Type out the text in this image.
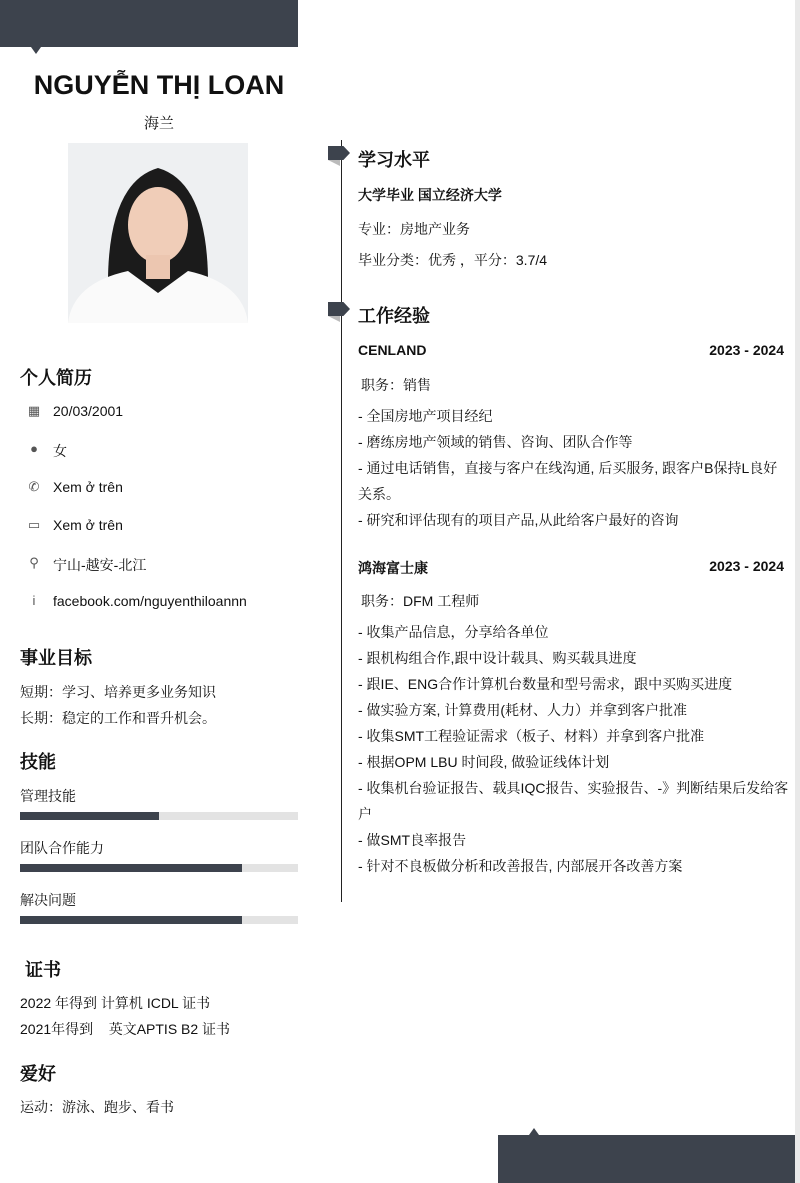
NGUYỄN THỊ LOAN
海兰
个人简历
▦ 20/03/2001
● 女
✆ Xem ở trên
▭ Xem ở trên
⚲ 宁山-越安-北江
i	facebook.com/nguyenthiloannn
事业目标
短期：学习、培养更多业务知识
长期：稳定的工作和晋升机会。
技能
管理技能
团队合作能力
解决问题
证书
2022 年得到 计算机 ICDL 证书
2021年得到    英文APTIS B2 证书
爱好
运动：游泳、跑步、看书
学习水平
大学毕业 国立经济大学
专业：房地产业务
毕业分类：优秀 ，平分：3.7/4
工作经验
CENLAND	2023 - 2024
职务：销售
- 全国房地产项目经纪
- 磨练房地产领域的销售、咨询、团队合作等
- 通过电话销售，直接与客户在线沟通, 后买服务, 跟客户B保持L良好
关系。
- 研究和评估现有的项目产品,从此给客户最好的咨询
鸿海富士康	2023 - 2024
职务：DFM 工程师
- 收集产品信息，分享给各单位
- 跟机构组合作,跟中设计载具、购买载具进度
- 跟IE、ENG合作计算机台数量和型号需求，跟中买购买进度
- 做实验方案, 计算费用(耗材、人力）并拿到客户批准
- 收集SMT工程验证需求（板子、材料）并拿到客户批准
- 根据OPM LBU 时间段, 做验证线体计划
- 收集机台验证报告、载具IQC报告、实验报告、-》判断结果后发给客
户
- 做SMT良率报告
- 针对不良板做分析和改善报告, 内部展开各改善方案
